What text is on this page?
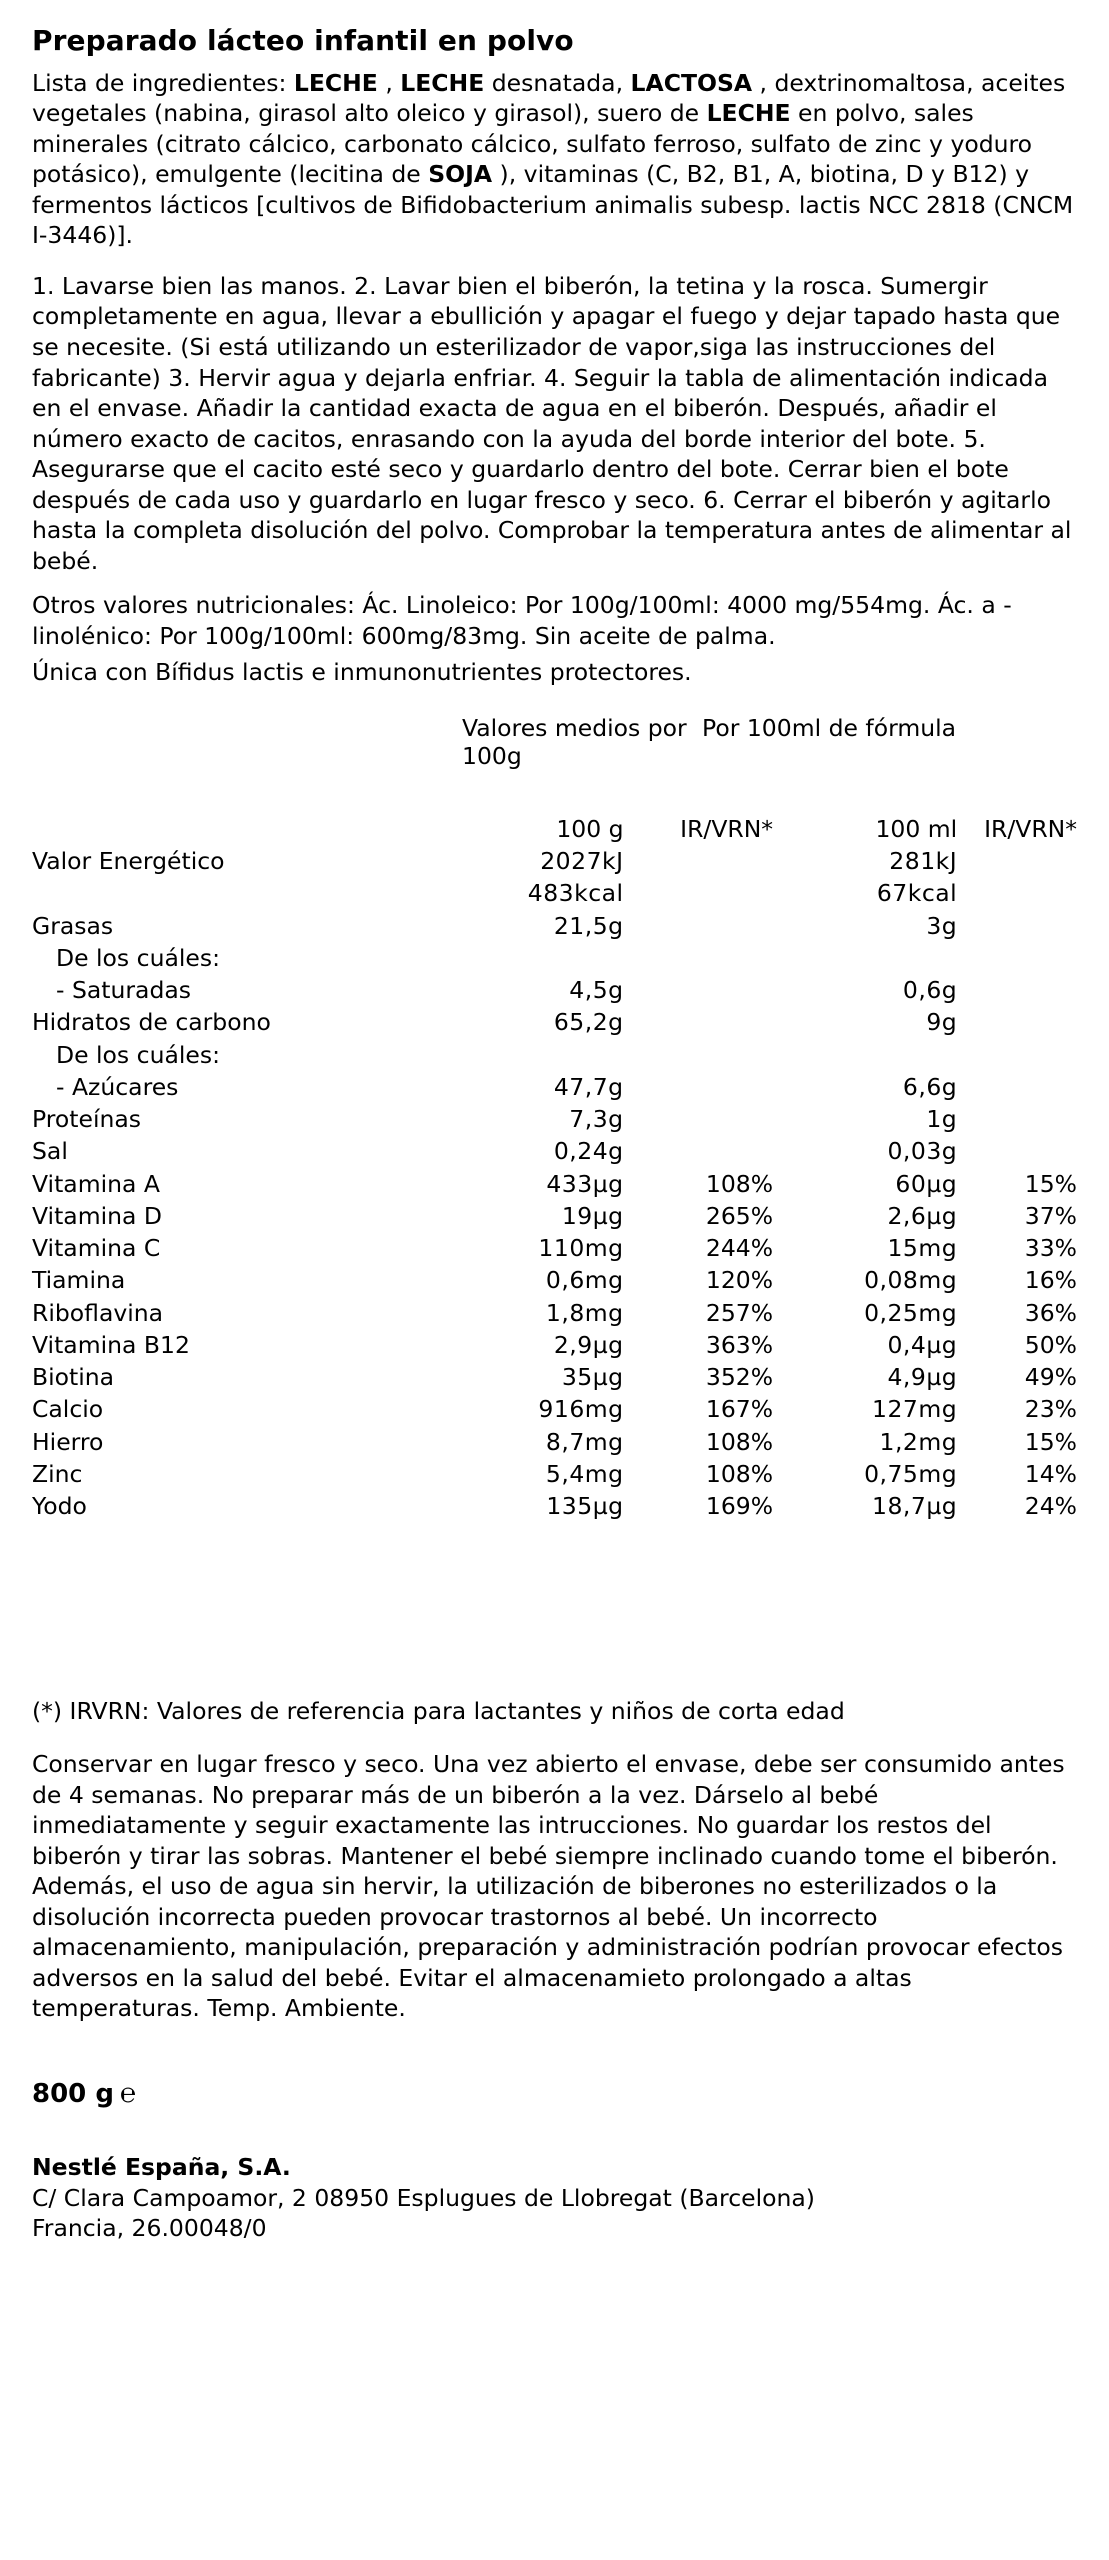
Preparado lácteo infantil en polvo

Lista de ingredientes: LECHE , LECHE desnatada, LACTOSA , dextrinomaltosa, aceites vegetales (nabina, girasol alto oleico y girasol), suero de LECHE en polvo, sales minerales (citrato cálcico, carbonato cálcico, sulfato ferroso, sulfato de zinc y yoduro potásico), emulgente (lecitina de SOJA ), vitaminas (C, B2, B1, A, biotina, D y B12) y fermentos lácticos [cultivos de Bifidobacterium animalis subesp. lactis NCC 2818 (CNCM I-3446)].

1. Lavarse bien las manos. 2. Lavar bien el biberón, la tetina y la rosca. Sumergir completamente en agua, llevar a ebullición y apagar el fuego y dejar tapado hasta que se necesite. (Si está utilizando un esterilizador de vapor,siga las instrucciones del fabricante) 3. Hervir agua y dejarla enfriar. 4. Seguir la tabla de alimentación indicada en el envase. Añadir la cantidad exacta de agua en el biberón. Después, añadir el número exacto de cacitos, enrasando con la ayuda del borde interior del bote. 5. Asegurarse que el cacito esté seco y guardarlo dentro del bote. Cerrar bien el bote después de cada uso y guardarlo en lugar fresco y seco. 6. Cerrar el biberón y agitarlo hasta la completa disolución del polvo. Comprobar la temperatura antes de alimentar al bebé.

Otros valores nutricionales: Ác. Linoleico: Por 100g/100ml: 4000 mg/554mg. Ác. a -linolénico: Por 100g/100ml: 600mg/83mg. Sin aceite de palma.

Única con Bífidus lactis e inmunonutrientes protectores.

Valores medios por 100g
Por 100ml de fórmula
	100 g	IR/VRN*	100 ml	IR/VRN*
Valor Energético	2027kJ		281kJ	
	483kcal		67kcal	
Grasas	21,5g		3g	
De los cuáles:				
- Saturadas	4,5g		0,6g	
Hidratos de carbono	65,2g		9g	
De los cuáles:				
- Azúcares	47,7g		6,6g	
Proteínas	7,3g		1g	
Sal	0,24g		0,03g	
Vitamina A	433µg	108%	60µg	15%
Vitamina D	19µg	265%	2,6µg	37%
Vitamina C	110mg	244%	15mg	33%
Tiamina	0,6mg	120%	0,08mg	16%
Riboflavina	1,8mg	257%	0,25mg	36%
Vitamina B12	2,9µg	363%	0,4µg	50%
Biotina	35µg	352%	4,9µg	49%
Calcio	916mg	167%	127mg	23%
Hierro	8,7mg	108%	1,2mg	15%
Zinc	5,4mg	108%	0,75mg	14%
Yodo	135µg	169%	18,7µg	24%

(*) IRVRN: Valores de referencia para lactantes y niños de corta edad

Conservar en lugar fresco y seco. Una vez abierto el envase, debe ser consumido antes de 4 semanas. No preparar más de un biberón a la vez. Dárselo al bebé inmediatamente y seguir exactamente las intrucciones. No guardar los restos del biberón y tirar las sobras. Mantener el bebé siempre inclinado cuando tome el biberón. Además, el uso de agua sin hervir, la utilización de biberones no esterilizados o la disolución incorrecta pueden provocar trastornos al bebé. Un incorrecto almacenamiento, manipulación, preparación y administración podrían provocar efectos adversos en la salud del bebé. Evitar el almacenamieto prolongado a altas temperaturas. Temp. Ambiente.

800 g ℮
Nestlé España, S.A.
C/ Clara Campoamor, 2 08950 Esplugues de Llobregat (Barcelona)
Francia, 26.00048/0
